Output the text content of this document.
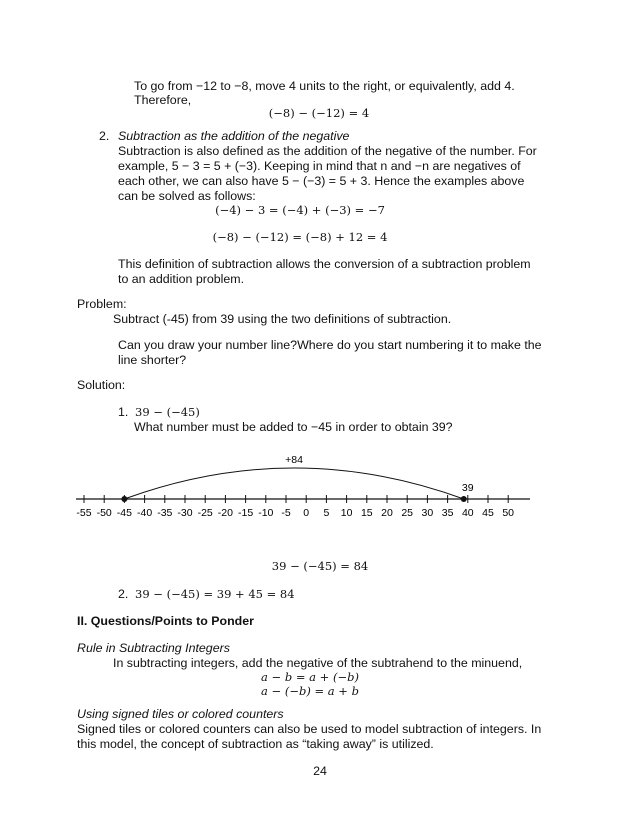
To go from −12 to −8, move 4 units to the right, or equivalently, add 4.
Therefore,
(−8) − (−12) = 4
2. Subtraction as the addition of the negative
Subtraction is also defined as the addition of the negative of the number. For
example, 5 − 3 = 5 + (−3). Keeping in mind that n and −n are negatives of
each other, we can also have 5 − (−3) = 5 + 3. Hence the examples above
can be solved as follows:
(−4) − 3 = (−4) + (−3) = −7
(−8) − (−12) = (−8) + 12 = 4
This definition of subtraction allows the conversion of a subtraction problem
to an addition problem.
Problem:
Subtract (-45) from 39 using the two definitions of subtraction.
Can you draw your number line?Where do you start numbering it to make the
line shorter?
Solution:
1. 39 − (−45)
What number must be added to −45 in order to obtain 39?
+84
-55 -50 -45 -40 -35 -30 -25 -20 -15 -10 -5 0 5 10 15 20 25 30 35 40 45 50
39
39 − (−45) = 84
2. 39 − (−45) = 39 + 45 = 84
II. Questions/Points to Ponder
Rule in Subtracting Integers
In subtracting integers, add the negative of the subtrahend to the minuend,
a − b = a + (−b)
a − (−b) = a + b
Using signed tiles or colored counters
Signed tiles or colored counters can also be used to model subtraction of integers. In
this model, the concept of subtraction as “taking away” is utilized.
24
